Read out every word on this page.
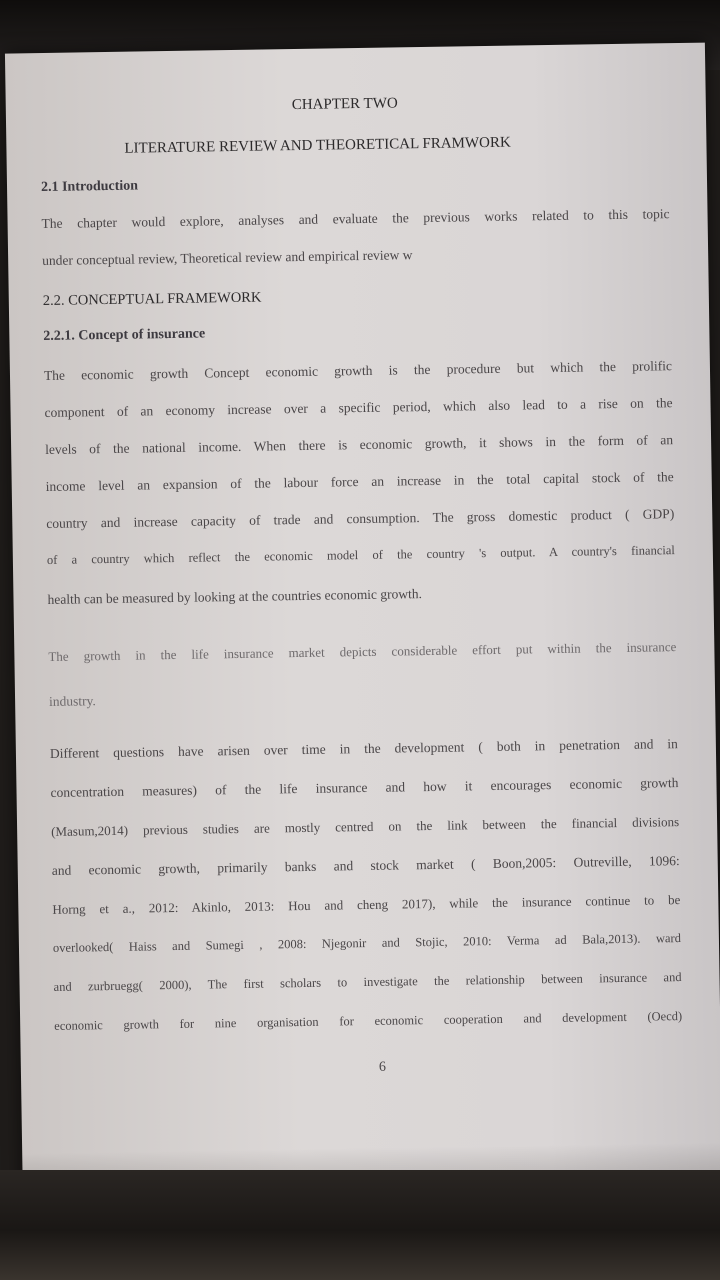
CHAPTER TWO
LITERATURE REVIEW AND THEORETICAL FRAMWORK
2.1 Introduction
The chapter would explore, analyses and evaluate the previous works related to this topic
under conceptual review, Theoretical review and empirical review w
2.2. CONCEPTUAL FRAMEWORK
2.2.1. Concept of insurance
The economic growth Concept economic growth is the procedure but which the prolific
component of an economy increase over a specific period, which also lead to a rise on the
levels of the national income. When there is economic growth, it shows in the form of an
income level an expansion of the labour force an increase in the total capital stock of the
country and increase capacity of trade and consumption. The gross domestic product ( GDP)
of a country which reflect the economic model of the country 's output. A country's financial
health can be measured by looking at the countries economic growth.
The growth in the life insurance market depicts considerable effort put within the insurance
industry.
Different questions have arisen over time in the development ( both in penetration and in
concentration measures) of the life insurance and how it encourages economic growth
(Masum,2014) previous studies are mostly centred on the link between the financial divisions
and economic growth, primarily banks and stock market ( Boon,2005: Outreville, 1096:
Horng et a., 2012: Akinlo, 2013: Hou and cheng 2017), while the insurance continue to be
overlooked( Haiss and Sumegi , 2008: Njegonir and Stojic, 2010: Verma ad Bala,2013). ward
and zurbruegg( 2000), The first scholars to investigate the relationship between insurance and
economic growth for nine organisation for economic cooperation and development (Oecd)
6
